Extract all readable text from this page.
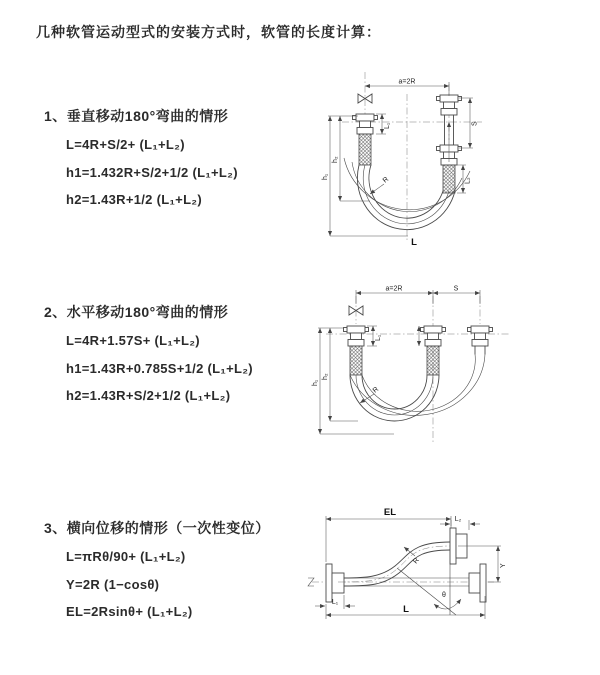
几种软管运动型式的安装方式时，软管的长度计算：
1、垂直移动180°弯曲的情形
L=4R+S/2+ (L₁+L₂)
h1=1.432R+S/2+1/2 (L₁+L₂)
h2=1.43R+1/2 (L₁+L₂)
2、水平移动180°弯曲的情形
L=4R+1.57S+ (L₁+L₂)
h1=1.43R+0.785S+1/2 (L₁+L₂)
h2=1.43R+S/2+1/2 (L₁+L₂)
3、横向位移的情形（一次性变位）
L=πRθ/90+ (L₁+L₂)
Y=2R (1−cosθ)
EL=2Rsinθ+ (L₁+L₂)
a=2R
L₁	S
L₂
h₁
h₂
R
L
a=2R	S
L₁
h₁
h₂
R
θ
EL
L₂
Y
L
L₁
R
